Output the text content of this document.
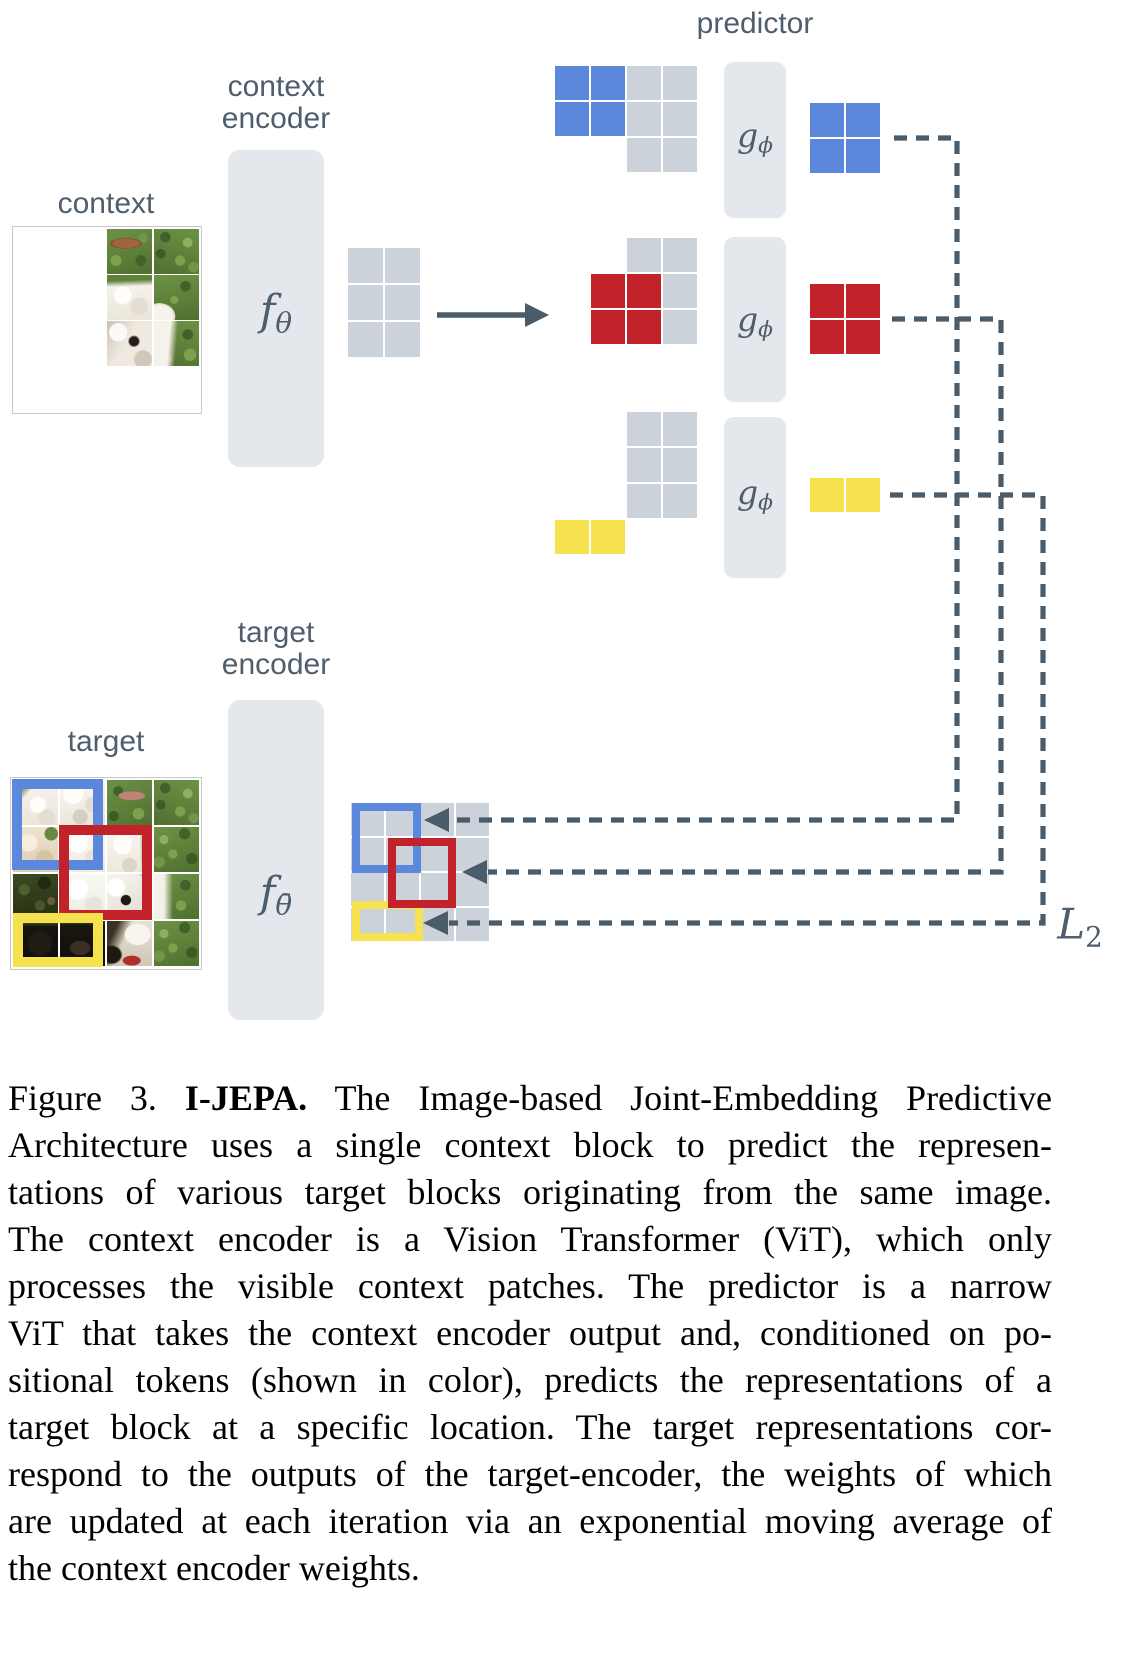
predictor
context
encoder
context
target
encoder
target
fθ
fθ̄
gϕ
gϕ
gϕ
L2
Figure 3. I-JEPA. The Image-based Joint-Embedding Predictive
Architecture uses a single context block to predict the represen-
tations of various target blocks originating from the same image.
The context encoder is a Vision Transformer (ViT), which only
processes the visible context patches. The predictor is a narrow
ViT that takes the context encoder output and, conditioned on po-
sitional tokens (shown in color), predicts the representations of a
target block at a specific location. The target representations cor-
respond to the outputs of the target-encoder, the weights of which
are updated at each iteration via an exponential moving average of
the context encoder weights.
